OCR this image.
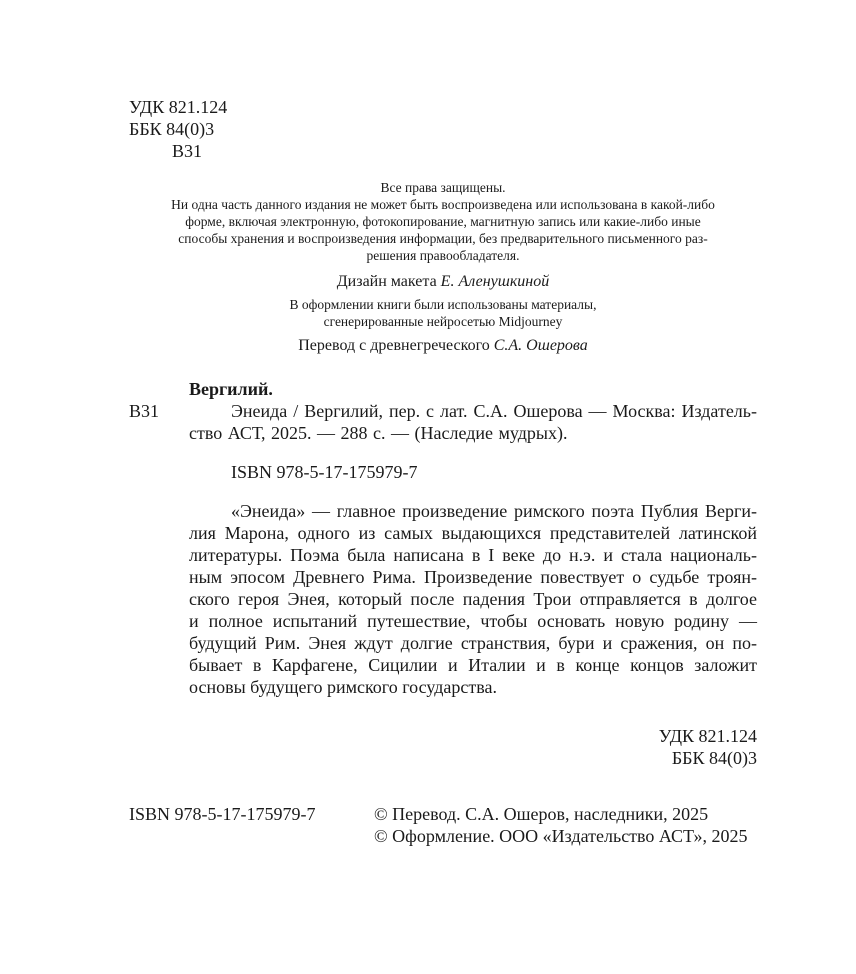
УДК 821.124
ББК 84(0)3
В31
Все права защищены.
Ни одна часть данного издания не может быть воспроизведена или использована в какой-либо
форме, включая электронную, фотокопирование, магнитную запись или какие-либо иные
способы хранения и воспроизведения информации, без предварительного письменного раз-
решения правообладателя.
Дизайн макета Е. Аленушкиной
В оформлении книги были использованы материалы,
сгенерированные нейросетью Midjourney
Перевод с древнегреческого С.А. Ошерова
Вергилий.
В31	Энеида / Вергилий, пер. с лат. С.А. Ошерова — Москва: Издатель-
ство АСТ, 2025. — 288 с. — (Наследие мудрых).
ISBN 978-5-17-175979-7
«Энеида» — главное произведение римского поэта Публия Верги-
лия Марона, одного из самых выдающихся представителей латинской
литературы. Поэма была написана в I веке до н.э. и стала националь-
ным эпосом Древнего Рима. Произведение повествует о судьбе троян-
ского героя Энея, который после падения Трои отправляется в долгое
и полное испытаний путешествие, чтобы основать новую родину —
будущий Рим. Энея ждут долгие странствия, бури и сражения, он по-
бывает в Карфагене, Сицилии и Италии и в конце концов заложит
основы будущего римского государства.
УДК 821.124
ББК 84(0)3
ISBN 978-5-17-175979-7	© Перевод. С.А. Ошеров, наследники, 2025
© Оформление. ООО «Издательство АСТ», 2025
